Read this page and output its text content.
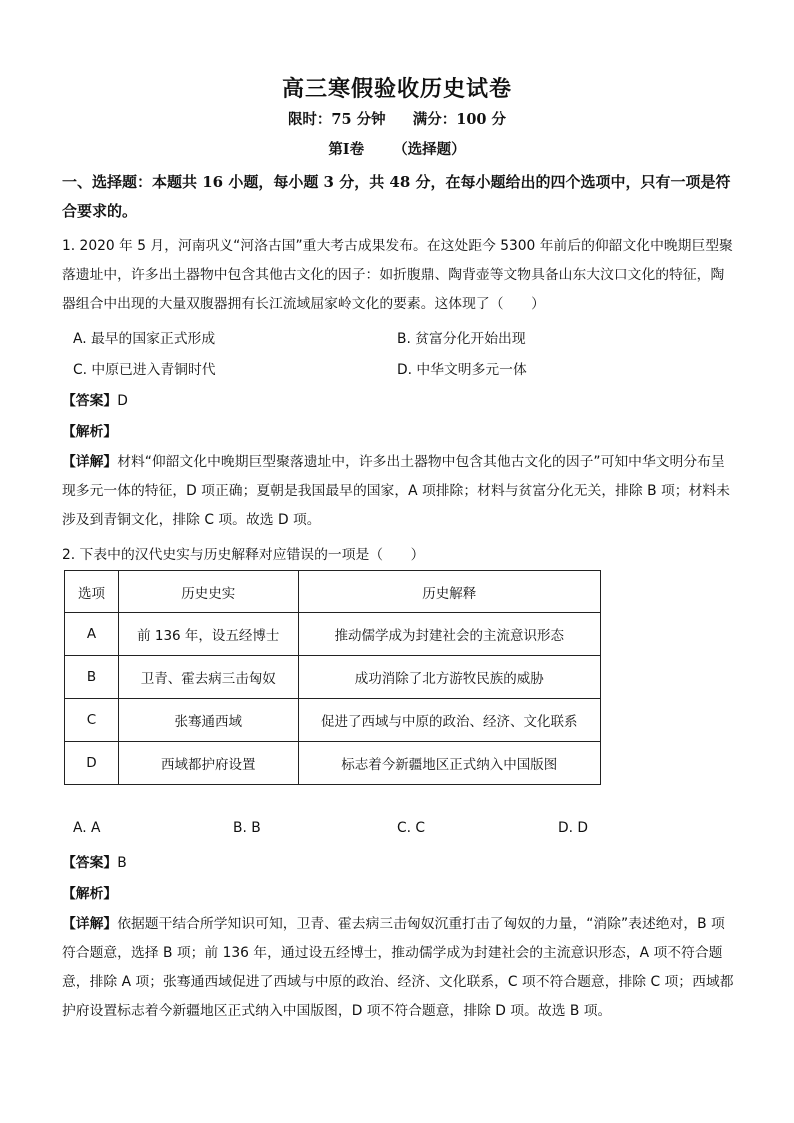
高三寒假验收历史试卷
限时：75 分钟 满分：100 分
第Ⅰ卷 （选择题）
一、选择题：本题共 16 小题，每小题 3 分，共 48 分，在每小题给出的四个选项中，只有一项是符合要求的。
1. 2020 年 5 月，河南巩义“河洛古国”重大考古成果发布。在这处距今 5300 年前后的仰韶文化中晚期巨型聚落遗址中，许多出土器物中包含其他古文化的因子：如折腹鼎、陶背壶等文物具备山东大汶口文化的特征，陶器组合中出现的大量双腹器拥有长江流域屈家岭文化的要素。这体现了（　　）
A. 最早的国家正式形成	B. 贫富分化开始出现
C. 中原已进入青铜时代	D. 中华文明多元一体
【答案】D
【解析】
【详解】材料“仰韶文化中晚期巨型聚落遗址中，许多出土器物中包含其他古文化的因子”可知中华文明分布呈现多元一体的特征，D 项正确；夏朝是我国最早的国家，A 项排除；材料与贫富分化无关，排除 B 项；材料未涉及到青铜文化，排除 C 项。故选 D 项。
2. 下表中的汉代史实与历史解释对应错误的一项是（　　）
选项	历史史实	历史解释
A	前 136 年，设五经博士	推动儒学成为封建社会的主流意识形态
B	卫青、霍去病三击匈奴	成功消除了北方游牧民族的威胁
C	张骞通西域	促进了西域与中原的政治、经济、文化联系
D	西域都护府设置	标志着今新疆地区正式纳入中国版图
A. A	B. B	C. C	D. D
【答案】B
【解析】
【详解】依据题干结合所学知识可知，卫青、霍去病三击匈奴沉重打击了匈奴的力量，“消除”表述绝对，B 项符合题意，选择 B 项；前 136 年，通过设五经博士，推动儒学成为封建社会的主流意识形态，A 项不符合题意，排除 A 项；张骞通西域促进了西域与中原的政治、经济、文化联系，C 项不符合题意，排除 C 项；西域都护府设置标志着今新疆地区正式纳入中国版图，D 项不符合题意，排除 D 项。故选 B 项。
